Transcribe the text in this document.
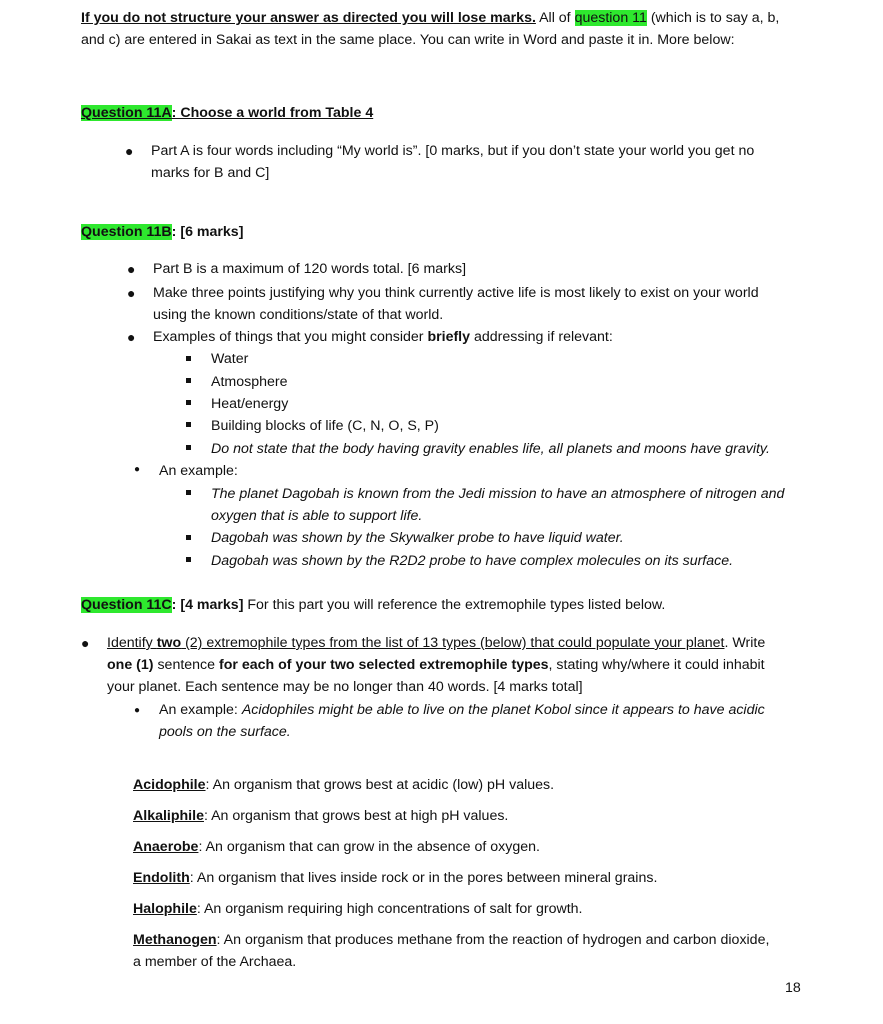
If you do not structure your answer as directed you will lose marks. All of question 11 (which is to say a, b,
and c) are entered in Sakai as text in the same place. You can write in Word and paste it in. More below:
Question 11A: Choose a world from Table 4
● Part A is four words including “My world is”. [0 marks, but if you don’t state your world you get no
marks for B and C]
Question 11B: [6 marks]
● Part B is a maximum of 120 words total. [6 marks]
● Make three points justifying why you think currently active life is most likely to exist on your world
using the known conditions/state of that world.
● Examples of things that you might consider briefly addressing if relevant:
Water
Atmosphere
Heat/energy
Building blocks of life (C, N, O, S, P)
Do not state that the body having gravity enables life, all planets and moons have gravity.
● An example:
The planet Dagobah is known from the Jedi mission to have an atmosphere of nitrogen and
oxygen that is able to support life.
Dagobah was shown by the Skywalker probe to have liquid water.
Dagobah was shown by the R2D2 probe to have complex molecules on its surface.
Question 11C: [4 marks] For this part you will reference the extremophile types listed below.
● Identify two (2) extremophile types from the list of 13 types (below) that could populate your planet. Write
one (1) sentence for each of your two selected extremophile types, stating why/where it could inhabit
your planet. Each sentence may be no longer than 40 words. [4 marks total]
● An example: Acidophiles might be able to live on the planet Kobol since it appears to have acidic
pools on the surface.
Acidophile: An organism that grows best at acidic (low) pH values.
Alkaliphile: An organism that grows best at high pH values.
Anaerobe: An organism that can grow in the absence of oxygen.
Endolith: An organism that lives inside rock or in the pores between mineral grains.
Halophile: An organism requiring high concentrations of salt for growth.
Methanogen: An organism that produces methane from the reaction of hydrogen and carbon dioxide,
a member of the Archaea.
18
